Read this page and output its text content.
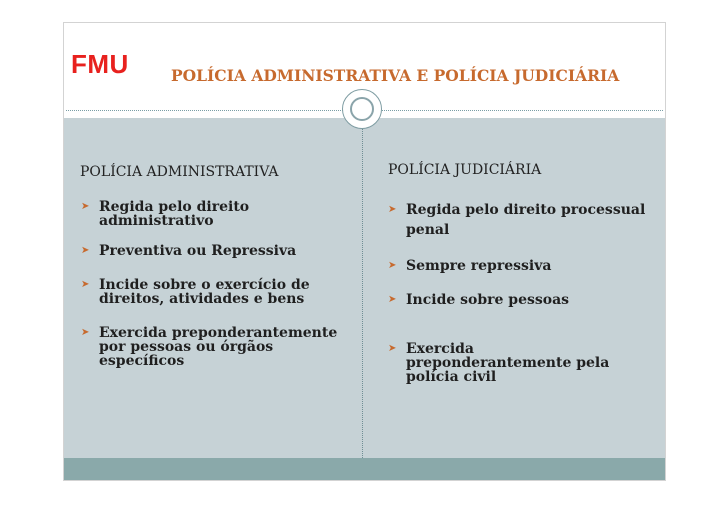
FMU	POLÍCIA ADMINISTRATIVA E POLÍCIA JUDICIÁRIA
POLÍCIA ADMINISTRATIVA
➤ Regida pelo direito administrativo
➤ Preventiva ou Repressiva
➤ Incide sobre o exercício de direitos, atividades e bens
➤ Exercida preponderantemente por pessoas ou órgãos específicos
POLÍCIA JUDICIÁRIA
➤ Regida pelo direito processual penal
➤ Sempre repressiva
➤ Incide sobre pessoas
➤ Exercida preponderantemente pela polícia civil
